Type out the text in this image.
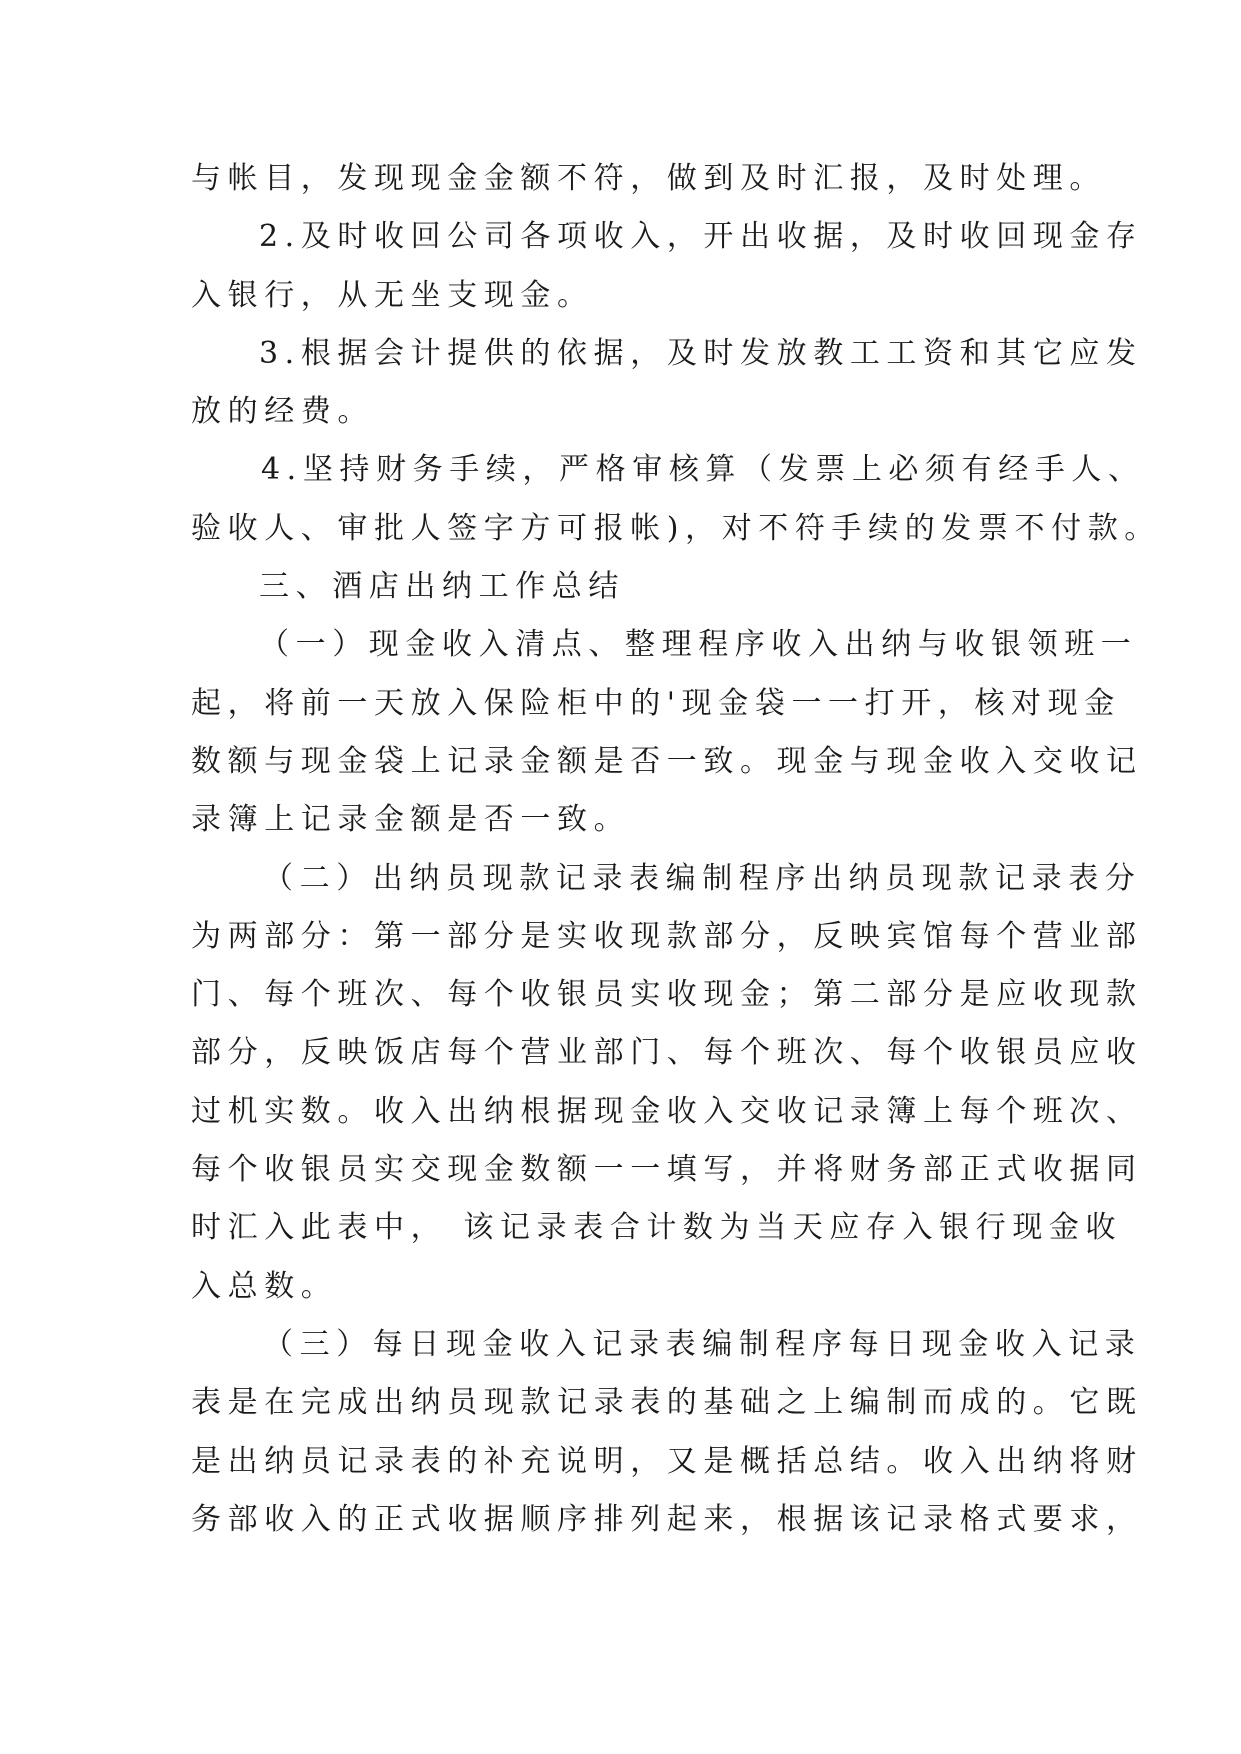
与帐目，发现现金金额不符，做到及时汇报，及时处理。
2.及时收回公司各项收入，开出收据，及时收回现金存
入银行，从无坐支现金。
3.根据会计提供的依据，及时发放教工工资和其它应发
放的经费。
4.坚持财务手续，严格审核算（发票上必须有经手人、
验收人、审批人签字方可报帐)，对不符手续的发票不付款。
三、酒店出纳工作总结
（一）现金收入清点、整理程序收入出纳与收银领班一
起，将前一天放入保险柜中的'现金袋一一打开，核对现金
数额与现金袋上记录金额是否一致。现金与现金收入交收记
录簿上记录金额是否一致。
（二）出纳员现款记录表编制程序出纳员现款记录表分
为两部分：第一部分是实收现款部分，反映宾馆每个营业部
门、每个班次、每个收银员实收现金；第二部分是应收现款
部分，反映饭店每个营业部门、每个班次、每个收银员应收
过机实数。收入出纳根据现金收入交收记录簿上每个班次、
每个收银员实交现金数额一一填写，并将财务部正式收据同
时汇入此表中， 该记录表合计数为当天应存入银行现金收
入总数。
（三）每日现金收入记录表编制程序每日现金收入记录
表是在完成出纳员现款记录表的基础之上编制而成的。它既
是出纳员记录表的补充说明，又是概括总结。收入出纳将财
务部收入的正式收据顺序排列起来，根据该记录格式要求，
